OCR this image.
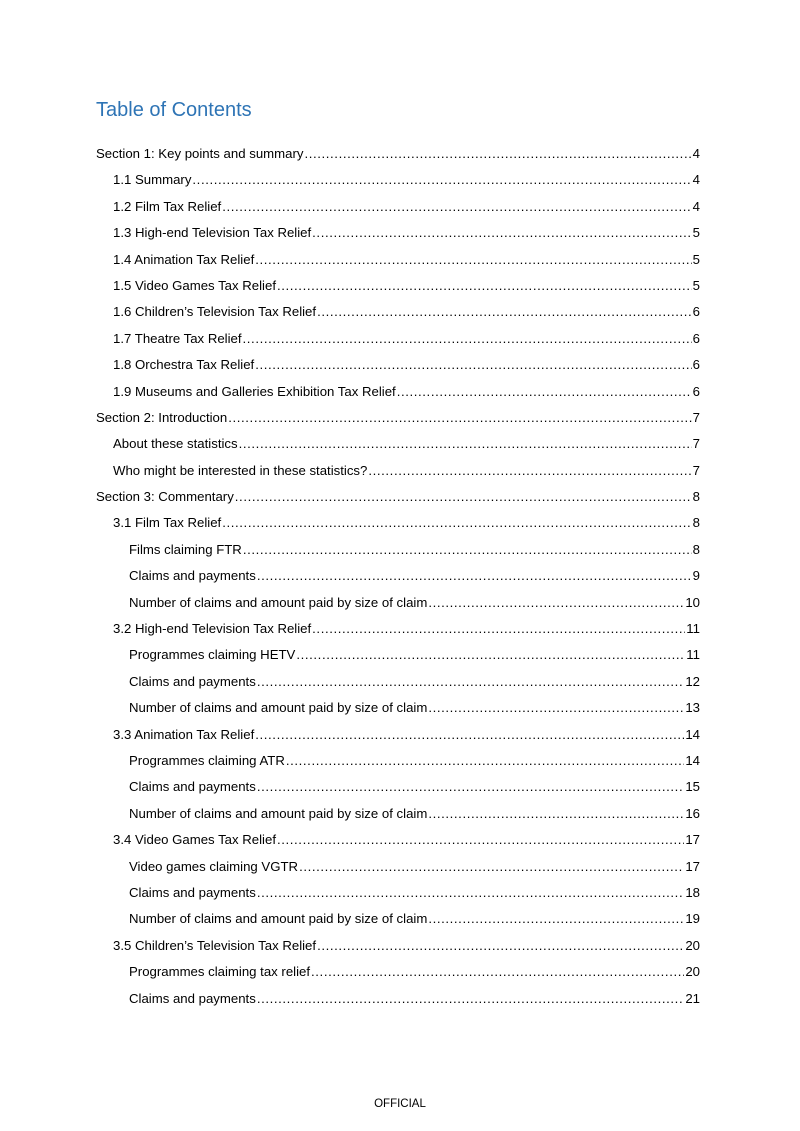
Table of Contents
Section 1: Key points and summary .....	4
1.1 Summary .....	4
1.2 Film Tax Relief .....	4
1.3 High-end Television Tax Relief .....	5
1.4 Animation Tax Relief .....	5
1.5 Video Games Tax Relief .....	5
1.6 Children’s Television Tax Relief .....	6
1.7 Theatre Tax Relief .....	6
1.8 Orchestra Tax Relief .....	6
1.9 Museums and Galleries Exhibition Tax Relief .....	6
Section 2: Introduction .....	7
About these statistics .....	7
Who might be interested in these statistics? .....	7
Section 3: Commentary .....	8
3.1 Film Tax Relief .....	8
Films claiming FTR .....	8
Claims and payments .....	9
Number of claims and amount paid by size of claim .....	10
3.2 High-end Television Tax Relief .....	11
Programmes claiming HETV .....	11
Claims and payments .....	12
Number of claims and amount paid by size of claim .....	13
3.3 Animation Tax Relief .....	14
Programmes claiming ATR .....	14
Claims and payments .....	15
Number of claims and amount paid by size of claim .....	16
3.4 Video Games Tax Relief .....	17
Video games claiming VGTR .....	17
Claims and payments .....	18
Number of claims and amount paid by size of claim .....	19
3.5 Children’s Television Tax Relief .....	20
Programmes claiming tax relief .....	20
Claims and payments .....	21
OFFICIAL
